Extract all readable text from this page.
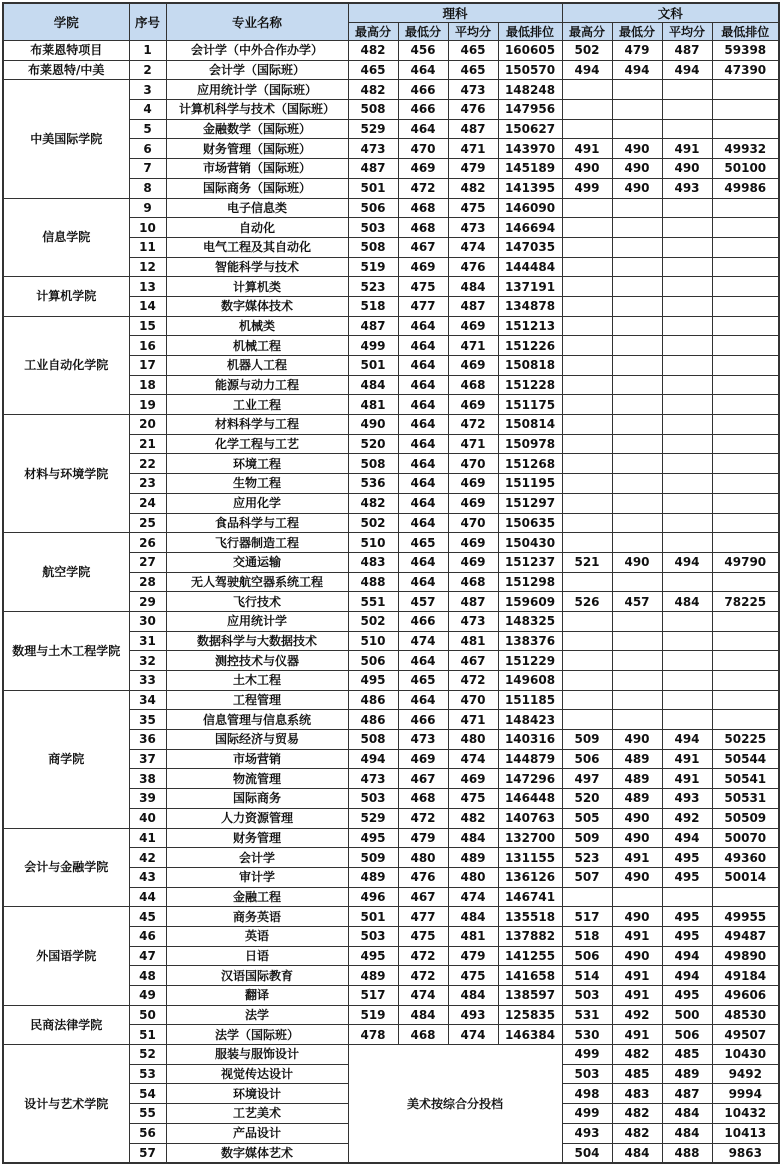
学院	序号	专业名称	理科				文科			
			最高分	最低分	平均分	最低排位	最高分	最低分	平均分	最低排位
布莱恩特项目	1	会计学（中外合作办学）	482	456	465	160605	502	479	487	59398
布莱恩特/中美	2	会计学（国际班）	465	464	465	150570	494	494	494	47390
中美国际学院	3	应用统计学（国际班）	482	466	473	148248				
	4	计算机科学与技术（国际班）	508	466	476	147956				
	5	金融数学（国际班）	529	464	487	150627				
	6	财务管理（国际班）	473	470	471	143970	491	490	491	49932
	7	市场营销（国际班）	487	469	479	145189	490	490	490	50100
	8	国际商务（国际班）	501	472	482	141395	499	490	493	49986
信息学院	9	电子信息类	506	468	475	146090				
	10	自动化	503	468	473	146694				
	11	电气工程及其自动化	508	467	474	147035				
	12	智能科学与技术	519	469	476	144484				
计算机学院	13	计算机类	523	475	484	137191				
	14	数字媒体技术	518	477	487	134878				
工业自动化学院	15	机械类	487	464	469	151213				
	16	机械工程	499	464	471	151226				
	17	机器人工程	501	464	469	150818				
	18	能源与动力工程	484	464	468	151228				
	19	工业工程	481	464	469	151175				
材料与环境学院	20	材料科学与工程	490	464	472	150814				
	21	化学工程与工艺	520	464	471	150978				
	22	环境工程	508	464	470	151268				
	23	生物工程	536	464	469	151195				
	24	应用化学	482	464	469	151297				
	25	食品科学与工程	502	464	470	150635				
航空学院	26	飞行器制造工程	510	465	469	150430				
	27	交通运输	483	464	469	151237	521	490	494	49790
	28	无人驾驶航空器系统工程	488	464	468	151298				
	29	飞行技术	551	457	487	159609	526	457	484	78225
数理与土木工程学院	30	应用统计学	502	466	473	148325				
	31	数据科学与大数据技术	510	474	481	138376				
	32	测控技术与仪器	506	464	467	151229				
	33	土木工程	495	465	472	149608				
商学院	34	工程管理	486	464	470	151185				
	35	信息管理与信息系统	486	466	471	148423				
	36	国际经济与贸易	508	473	480	140316	509	490	494	50225
	37	市场营销	494	469	474	144879	506	489	491	50544
	38	物流管理	473	467	469	147296	497	489	491	50541
	39	国际商务	503	468	475	146448	520	489	493	50531
	40	人力资源管理	529	472	482	140763	505	490	492	50509
会计与金融学院	41	财务管理	495	479	484	132700	509	490	494	50070
	42	会计学	509	480	489	131155	523	491	495	49360
	43	审计学	489	476	480	136126	507	490	495	50014
	44	金融工程	496	467	474	146741				
外国语学院	45	商务英语	501	477	484	135518	517	490	495	49955
	46	英语	503	475	481	137882	518	491	495	49487
	47	日语	495	472	479	141255	506	490	494	49890
	48	汉语国际教育	489	472	475	141658	514	491	494	49184
	49	翻译	517	474	484	138597	503	491	495	49606
民商法律学院	50	法学	519	484	493	125835	531	492	500	48530
	51	法学（国际班）	478	468	474	146384	530	491	506	49507
设计与艺术学院	52	服装与服饰设计	美术按综合分投档				499	482	485	10430
	53	视觉传达设计					503	485	489	9492
	54	环境设计					498	483	487	9994
	55	工艺美术					499	482	484	10432
	56	产品设计					493	482	484	10413
	57	数字媒体艺术					504	484	488	9863
